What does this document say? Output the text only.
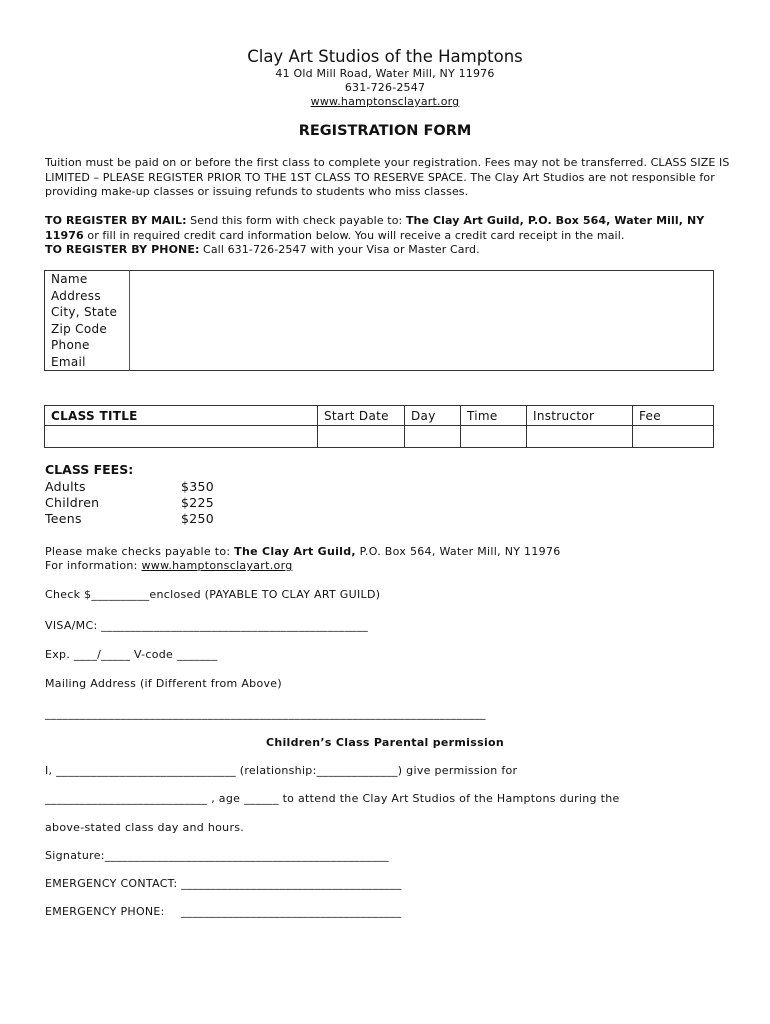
Clay Art Studios of the Hamptons
41 Old Mill Road, Water Mill, NY 11976
631-726-2547
www.hamptonsclayart.org
REGISTRATION FORM
Tuition must be paid on or before the first class to complete your registration. Fees may not be transferred. CLASS SIZE IS LIMITED – PLEASE REGISTER PRIOR TO THE 1ST CLASS TO RESERVE SPACE. The Clay Art Studios are not responsible for providing make-up classes or issuing refunds to students who miss classes.
TO REGISTER BY MAIL: Send this form with check payable to: The Clay Art Guild, P.O. Box 564, Water Mill, NY 11976 or fill in required credit card information below. You will receive a credit card receipt in the mail.
TO REGISTER BY PHONE: Call 631-726-2547 with your Visa or Master Card.
Name	
Address	
City, State	
Zip Code	
Phone	
Email	
CLASS TITLE	Start Date	Day	Time	Instructor	Fee

CLASS FEES:
Adults	$350
Children	$225
Teens	$250
Please make checks payable to: The Clay Art Guild, P.O. Box 564, Water Mill, NY 11976
For information: www.hamptonsclayart.org
Check $__________enclosed (PAYABLE TO CLAY ART GUILD)
VISA/MC: ______________________________________________
Exp. ____/_____ V-code _______
Mailing Address (if Different from Above)
____________________________________________________________________________
Children’s Class Parental permission
I, _______________________________ (relationship:______________) give permission for
____________________________ , age ______ to attend the Clay Art Studios of the Hamptons during the
above-stated class day and hours.
Signature:_________________________________________________
EMERGENCY CONTACT: ______________________________________
EMERGENCY PHONE: ______________________________________
